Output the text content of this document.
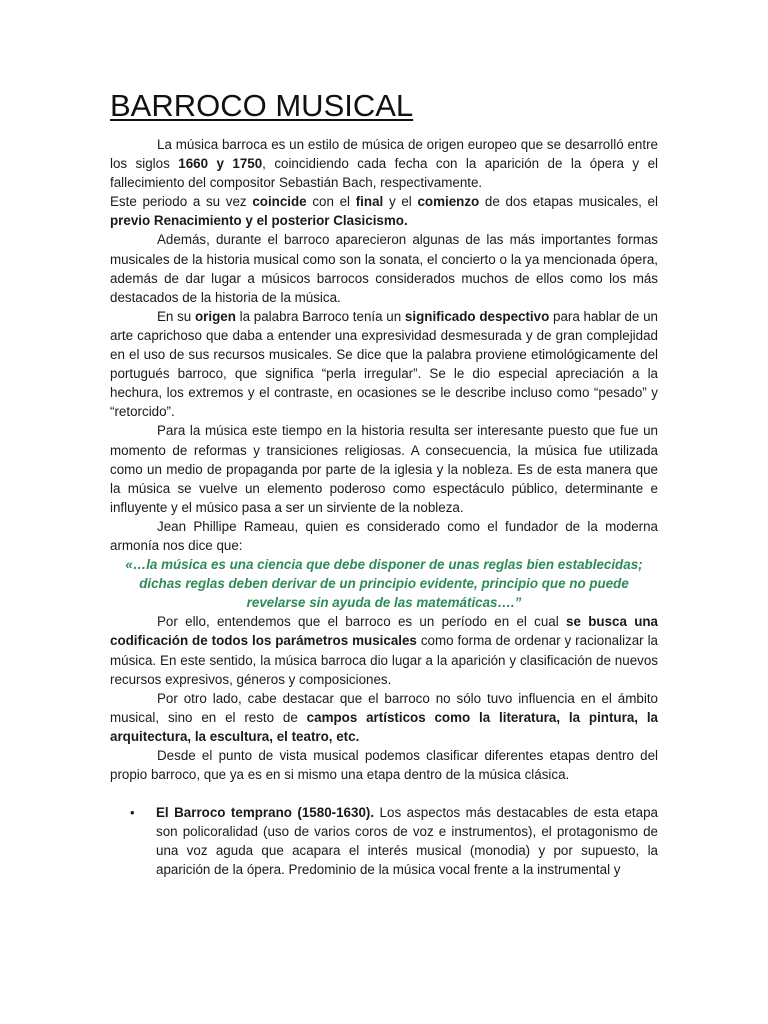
BARROCO MUSICAL

La música barroca es un estilo de música de origen europeo que se desarrolló entre los siglos 1660 y 1750, coincidiendo cada fecha con la aparición de la ópera y el fallecimiento del compositor Sebastián Bach, respectivamente.

Este periodo a su vez coincide con el final y el comienzo de dos etapas musicales, el previo Renacimiento y el posterior Clasicismo.

Además, durante el barroco aparecieron algunas de las más importantes formas musicales de la historia musical como son la sonata, el concierto o la ya mencionada ópera, además de dar lugar a músicos barrocos considerados muchos de ellos como los más destacados de la historia de la música.

En su origen la palabra Barroco tenía un significado despectivo para hablar de un arte caprichoso que daba a entender una expresividad desmesurada y de gran complejidad en el uso de sus recursos musicales. Se dice que la palabra proviene etimológicamente del portugués barroco, que significa “perla irregular”. Se le dio especial apreciación a la hechura, los extremos y el contraste, en ocasiones se le describe incluso como “pesado” y “retorcido”.

Para la música este tiempo en la historia resulta ser interesante puesto que fue un momento de reformas y transiciones religiosas. A consecuencia, la música fue utilizada como un medio de propaganda por parte de la iglesia y la nobleza. Es de esta manera que la música se vuelve un elemento poderoso como espectáculo público, determinante e influyente y el músico pasa a ser un sirviente de la nobleza.

Jean Phillipe Rameau, quien es considerado como el fundador de la moderna armonía nos dice que:

«…la música es una ciencia que debe disponer de unas reglas bien establecidas; dichas reglas deben derivar de un principio evidente, principio que no puede revelarse sin ayuda de las matemáticas….”

Por ello, entendemos que el barroco es un período en el cual se busca una codificación de todos los parámetros musicales como forma de ordenar y racionalizar la música. En este sentido, la música barroca dio lugar a la aparición y clasificación de nuevos recursos expresivos, géneros y composiciones.

Por otro lado, cabe destacar que el barroco no sólo tuvo influencia en el ámbito musical, sino en el resto de campos artísticos como la literatura, la pintura, la arquitectura, la escultura, el teatro, etc.

Desde el punto de vista musical podemos clasificar diferentes etapas dentro del propio barroco, que ya es en si mismo una etapa dentro de la música clásica.

• El Barroco temprano (1580-1630). Los aspectos más destacables de esta etapa son policoralidad (uso de varios coros de voz e instrumentos), el protagonismo de una voz aguda que acapara el interés musical (monodia) y por supuesto, la aparición de la ópera. Predominio de la música vocal frente a la instrumental y
